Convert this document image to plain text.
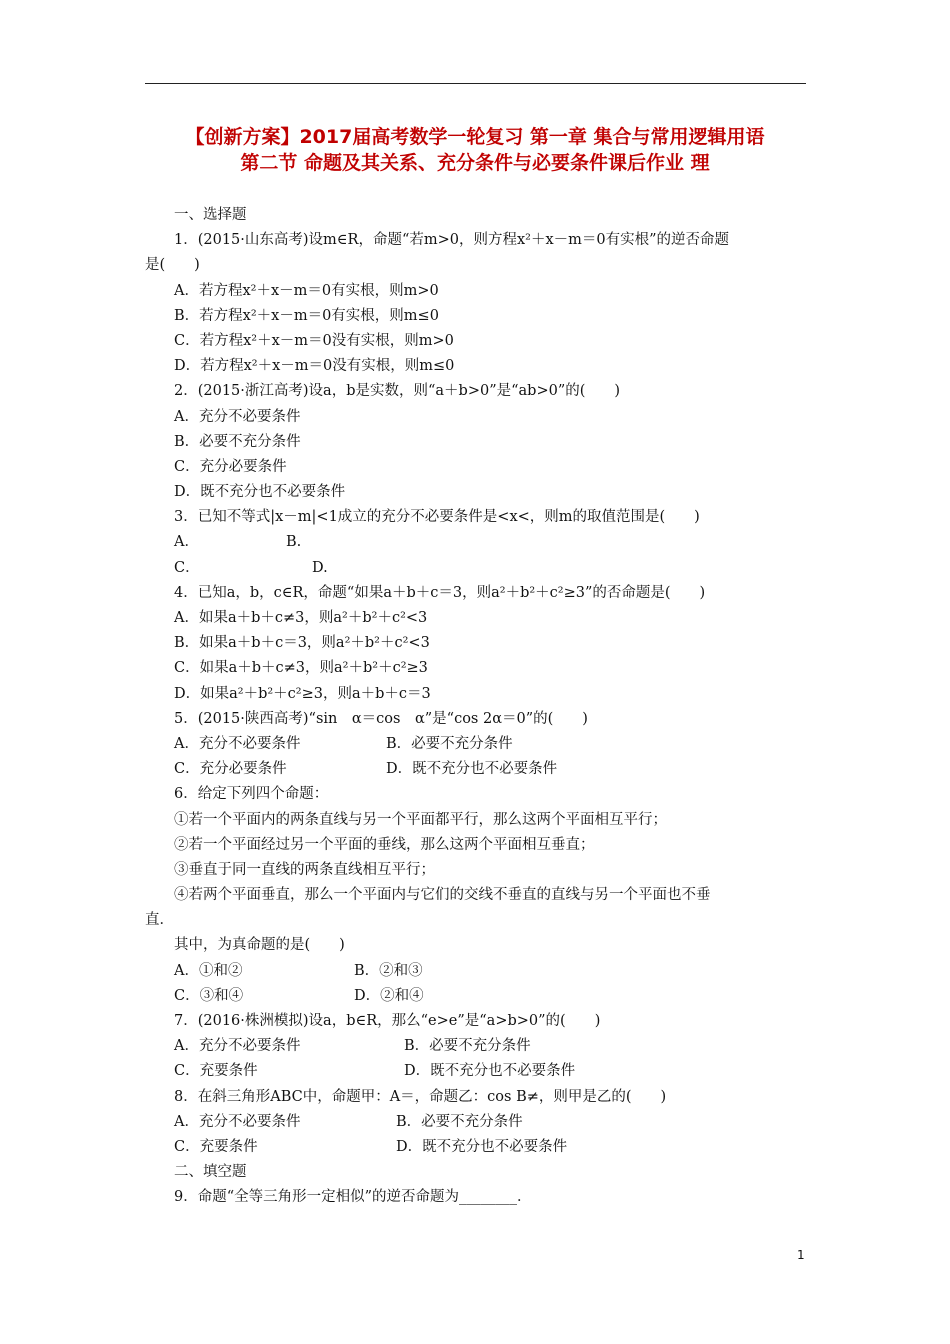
【创新方案】2017届高考数学一轮复习 第一章 集合与常用逻辑用语
第二节 命题及其关系、充分条件与必要条件课后作业 理
一、选择题
1．(2015·山东高考)设m∈R，命题“若m>0，则方程x²＋x－m＝0有实根”的逆否命题
是(　　)
A．若方程x²＋x－m＝0有实根，则m>0
B．若方程x²＋x－m＝0有实根，则m≤0
C．若方程x²＋x－m＝0没有实根，则m>0
D．若方程x²＋x－m＝0没有实根，则m≤0
2．(2015·浙江高考)设a，b是实数，则“a＋b>0”是“ab>0”的(　　)
A．充分不必要条件
B．必要不充分条件
C．充分必要条件
D．既不充分也不必要条件
3．已知不等式|x－m|<1成立的充分不必要条件是<x<，则m的取值范围是(　　)
A．	B.
C．	D.
4．已知a，b，c∈R，命题“如果a＋b＋c＝3，则a²＋b²＋c²≥3”的否命题是(　　)
A．如果a＋b＋c≠3，则a²＋b²＋c²<3
B．如果a＋b＋c＝3，则a²＋b²＋c²<3
C．如果a＋b＋c≠3，则a²＋b²＋c²≥3
D．如果a²＋b²＋c²≥3，则a＋b＋c＝3
5．(2015·陕西高考)“sin　α＝cos　α”是“cos 2α＝0”的(　　)
A．充分不必要条件	B．必要不充分条件
C．充分必要条件	D．既不充分也不必要条件
6．给定下列四个命题：
①若一个平面内的两条直线与另一个平面都平行，那么这两个平面相互平行；
②若一个平面经过另一个平面的垂线，那么这两个平面相互垂直；
③垂直于同一直线的两条直线相互平行；
④若两个平面垂直，那么一个平面内与它们的交线不垂直的直线与另一个平面也不垂
直．
其中，为真命题的是(　　)
A．①和②	B．②和③
C．③和④	D．②和④
7．(2016·株洲模拟)设a，b∈R，那么“e>e”是“a>b>0”的(　　)
A．充分不必要条件	B．必要不充分条件
C．充要条件	D．既不充分也不必要条件
8．在斜三角形ABC中，命题甲：A＝，命题乙：cos B≠，则甲是乙的(　　)
A．充分不必要条件	B．必要不充分条件
C．充要条件	D．既不充分也不必要条件
二、填空题
9．命题“全等三角形一定相似”的逆否命题为________．
1
